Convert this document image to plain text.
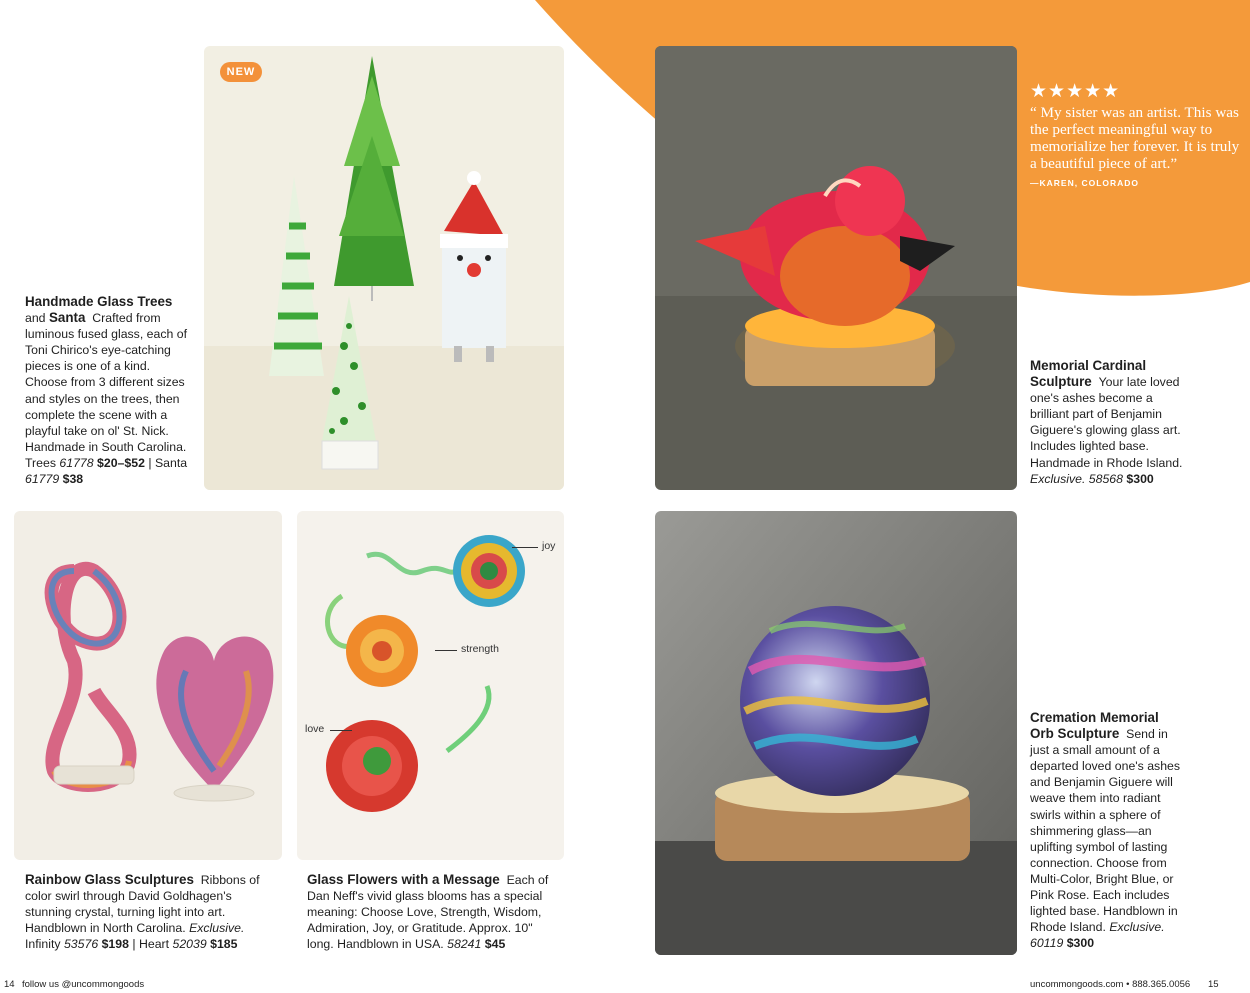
NEW
Handmade Glass Trees
and Santa Crafted from luminous fused glass, each of Toni Chirico's eye-catching pieces is one of a kind. Choose from 3 different sizes and styles on the trees, then complete the scene with a playful take on ol' St. Nick. Handmade in South Carolina. Trees 61778 $20–$52 | Santa 61779 $38
★★★★★
“ My sister was an artist. This was the perfect meaningful way to memorialize her forever. It is truly a beautiful piece of art.”
—KAREN, COLORADO
Memorial Cardinal Sculpture Your late loved one's ashes become a brilliant part of Benjamin Giguere's glowing glass art. Includes lighted base. Handmade in Rhode Island. Exclusive. 58568 $300
Rainbow Glass Sculptures Ribbons of color swirl through David Goldhagen's stunning crystal, turning light into art. Handblown in North Carolina. Exclusive. Infinity 53576 $198 | Heart 52039 $185
joy
strength
love
Glass Flowers with a Message Each of Dan Neff's vivid glass blooms has a special meaning: Choose Love, Strength, Wisdom, Admiration, Joy, or Gratitude. Approx. 10" long. Handblown in USA. 58241 $45
Cremation Memorial
Orb Sculpture Send in just a small amount of a departed loved one's ashes and Benjamin Giguere will weave them into radiant swirls within a sphere of shimmering glass—an uplifting symbol of lasting connection. Choose from Multi-Color, Bright Blue, or Pink Rose. Each includes lighted base. Handblown in Rhode Island. Exclusive. 60119 $300
14 follow us @uncommongoods	uncommongoods.com • 888.365.0056 15
